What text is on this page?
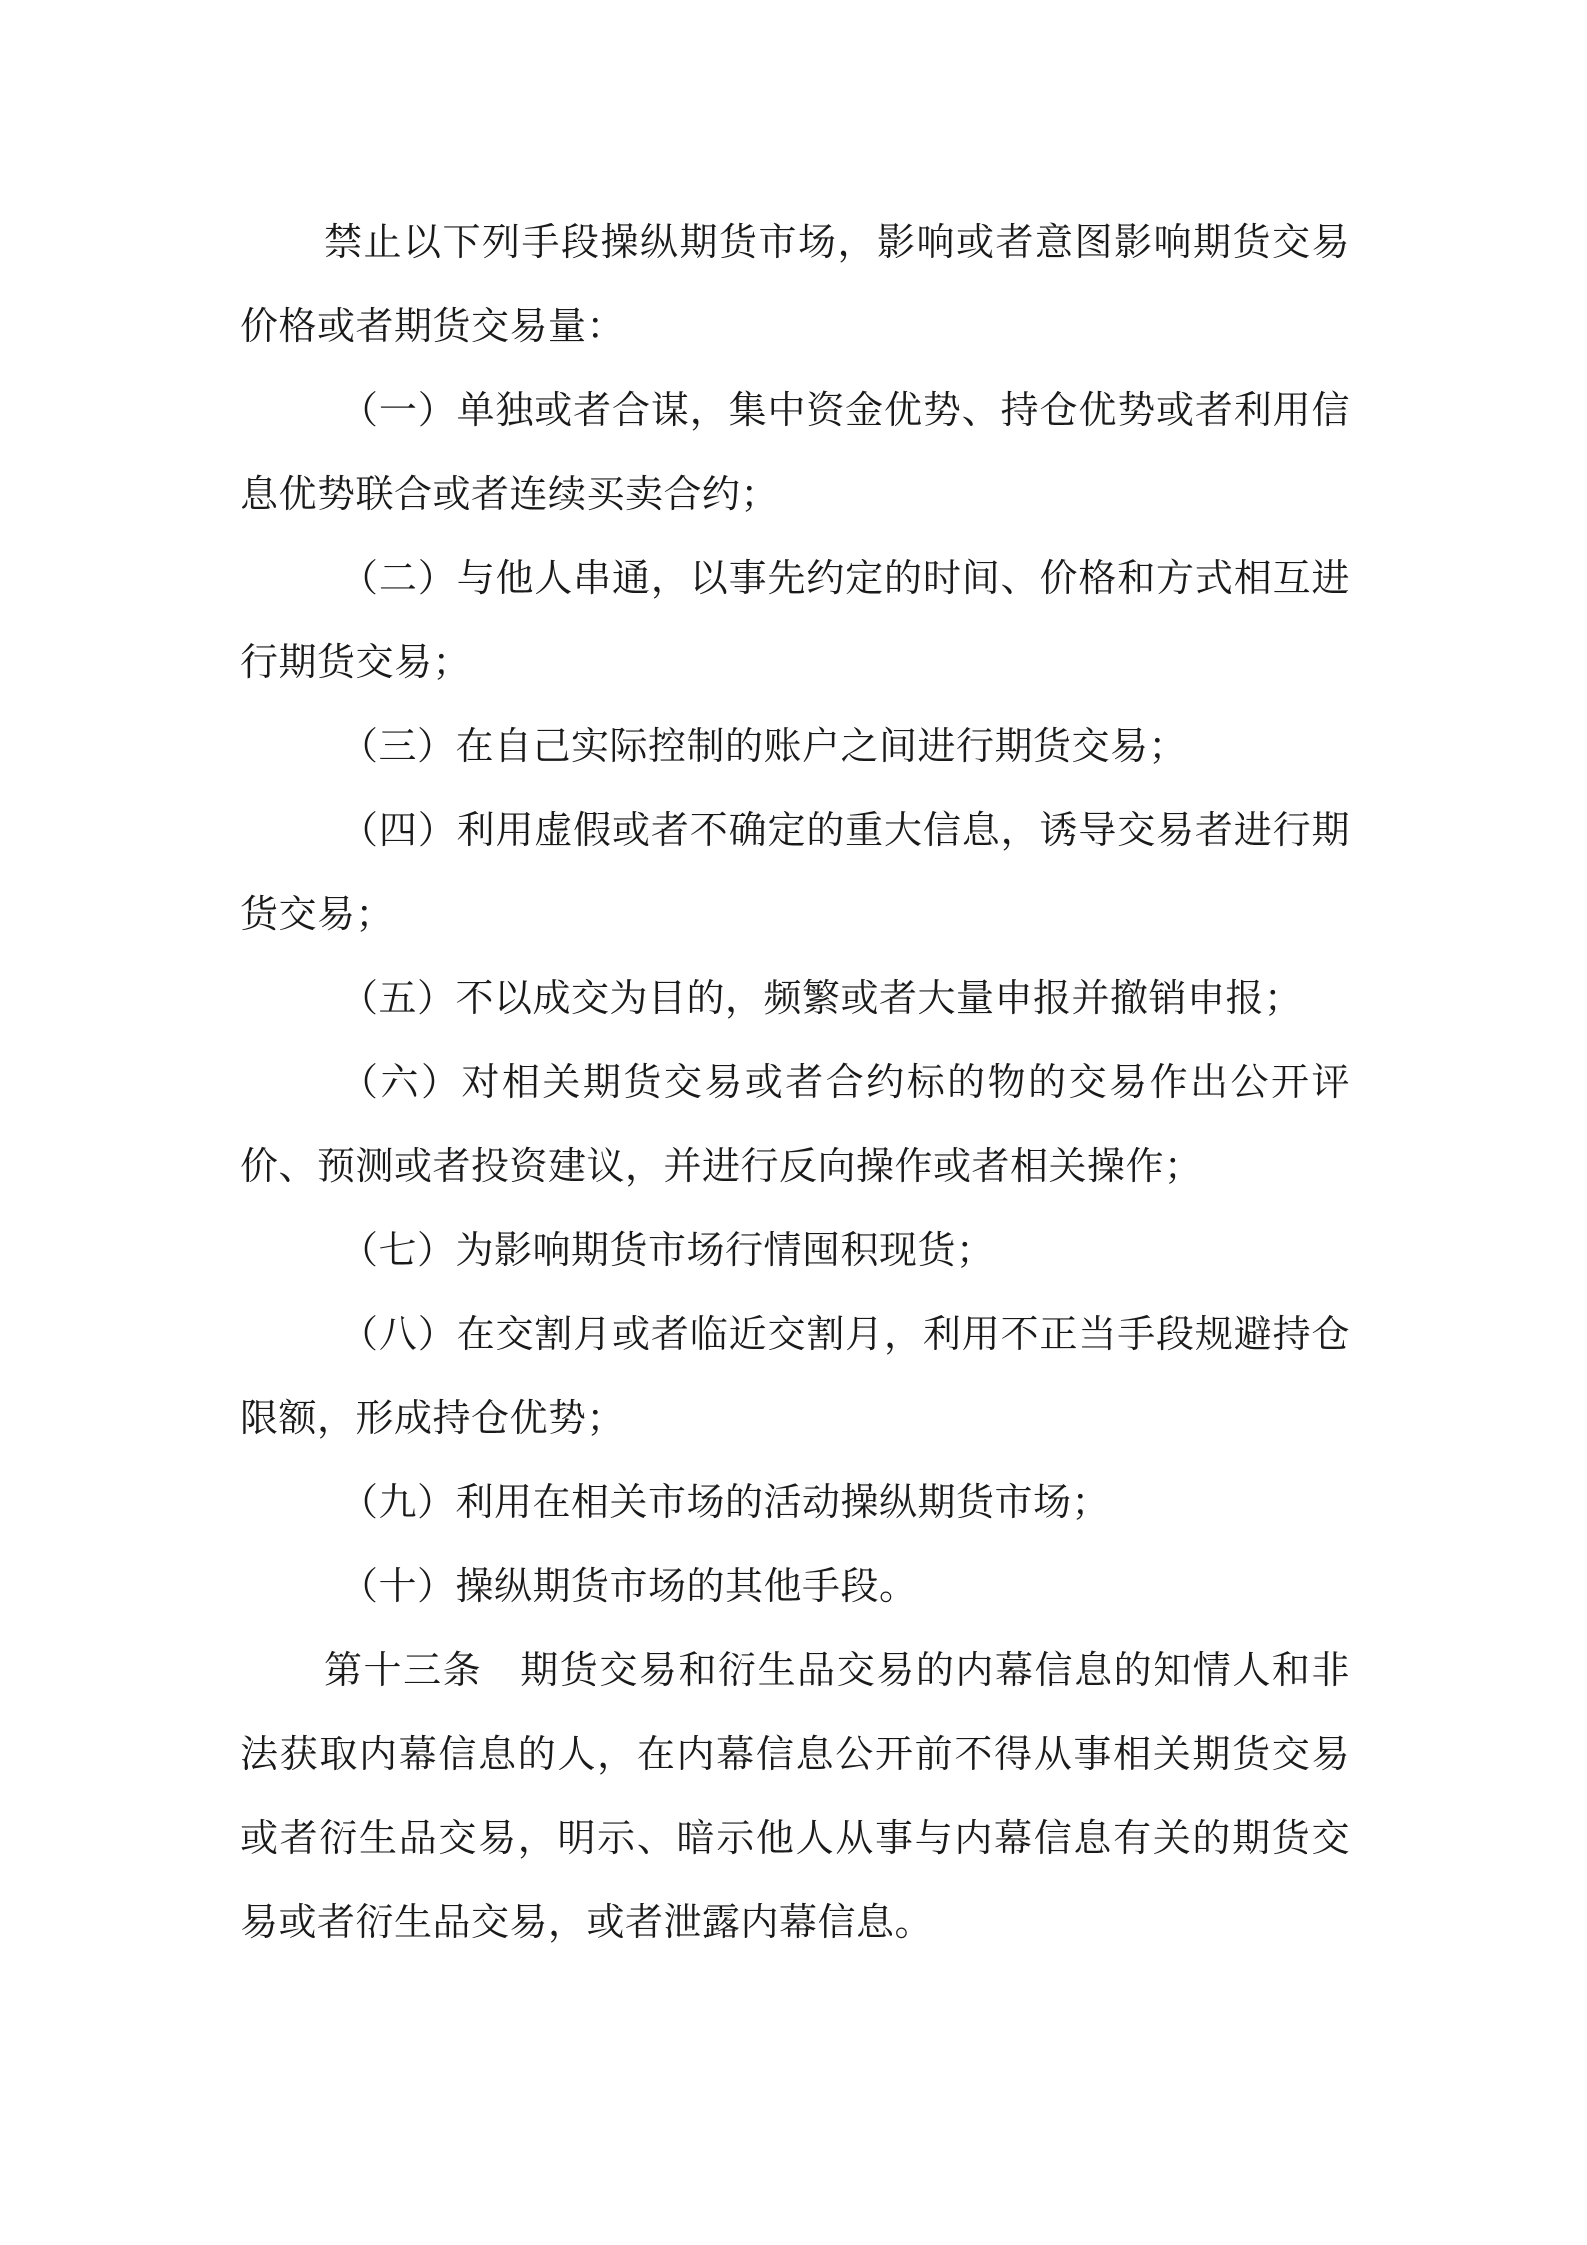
禁止以下列手段操纵期货市场，影响或者意图影响期货交易价格或者期货交易量：

（一）单独或者合谋，集中资金优势、持仓优势或者利用信息优势联合或者连续买卖合约；

（二）与他人串通，以事先约定的时间、价格和方式相互进行期货交易；

（三）在自己实际控制的账户之间进行期货交易；

（四）利用虚假或者不确定的重大信息，诱导交易者进行期货交易；

（五）不以成交为目的，频繁或者大量申报并撤销申报；

（六）对相关期货交易或者合约标的物的交易作出公开评价、预测或者投资建议，并进行反向操作或者相关操作；

（七）为影响期货市场行情囤积现货；

（八）在交割月或者临近交割月，利用不正当手段规避持仓限额，形成持仓优势；

（九）利用在相关市场的活动操纵期货市场；

（十）操纵期货市场的其他手段。

第十三条 期货交易和衍生品交易的内幕信息的知情人和非法获取内幕信息的人，在内幕信息公开前不得从事相关期货交易或者衍生品交易，明示、暗示他人从事与内幕信息有关的期货交易或者衍生品交易，或者泄露内幕信息。
